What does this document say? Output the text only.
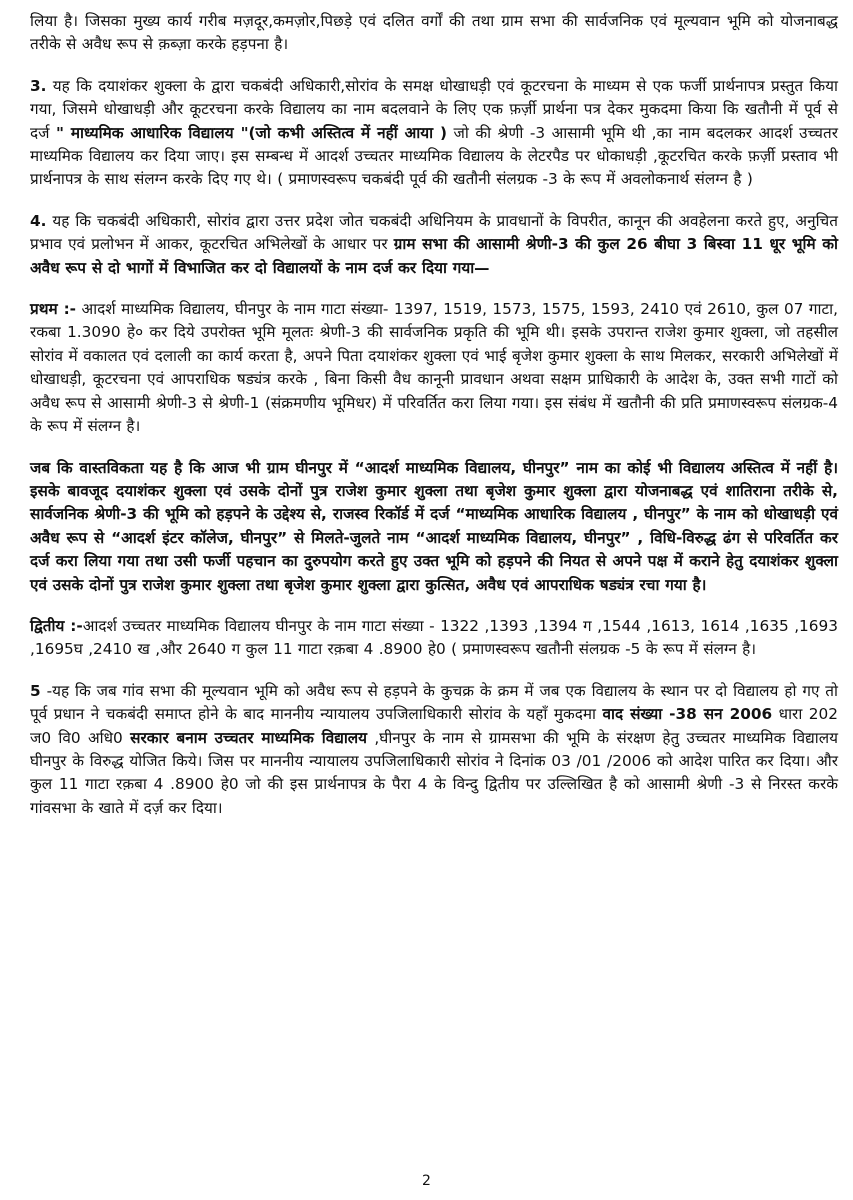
लिया है। जिसका मुख्य कार्य गरीब मज़दूर,कमज़ोर,पिछड़े एवं दलित वर्गों की तथा ग्राम सभा की सार्वजनिक एवं मूल्यवान भूमि को योजनाबद्ध तरीके से अवैध रूप से क़ब्ज़ा करके हड़पना है।

3. यह कि दयाशंकर शुक्ला के द्वारा चकबंदी अधिकारी,सोरांव के समक्ष धोखाधड़ी एवं कूटरचना के माध्यम से एक फर्जी प्रार्थनापत्र प्रस्तुत किया गया, जिसमे धोखाधड़ी और कूटरचना करके विद्यालय का नाम बदलवाने के लिए एक फ़र्ज़ी प्रार्थना पत्र देकर मुकदमा किया कि खतौनी में पूर्व से दर्ज " माध्यमिक आधारिक विद्यालय "(जो कभी अस्तित्व में नहीं आया ) जो की श्रेणी -3 आसामी भूमि थी ,का नाम बदलकर आदर्श उच्चतर माध्यमिक विद्यालय कर दिया जाए। इस सम्बन्ध में आदर्श उच्चतर माध्यमिक विद्यालय के लेटरपैड पर धोकाधड़ी ,कूटरचित करके फ़र्ज़ी प्रस्ताव भी प्रार्थनापत्र के साथ संलग्न करके दिए गए थे। ( प्रमाणस्वरूप चकबंदी पूर्व की खतौनी संलग्रक -3 के रूप में अवलोकनार्थ संलग्न है )

4. यह कि चकबंदी अधिकारी, सोरांव द्वारा उत्तर प्रदेश जोत चकबंदी अधिनियम के प्रावधानों के विपरीत, कानून की अवहेलना करते हुए, अनुचित प्रभाव एवं प्रलोभन में आकर, कूटरचित अभिलेखों के आधार पर ग्राम सभा की आसामी श्रेणी-3 की कुल 26 बीघा 3 बिस्वा 11 धूर भूमि को अवैध रूप से दो भागों में विभाजित कर दो विद्यालयों के नाम दर्ज कर दिया गया—

प्रथम :- आदर्श माध्यमिक विद्यालय, घीनपुर के नाम गाटा संख्या- 1397, 1519, 1573, 1575, 1593, 2410 एवं 2610, कुल 07 गाटा, रकबा 1.3090 हे० कर दिये उपरोक्त भूमि मूलतः श्रेणी-3 की सार्वजनिक प्रकृति की भूमि थी। इसके उपरान्त राजेश कुमार शुक्ला, जो तहसील सोरांव में वकालत एवं दलाली का कार्य करता है, अपने पिता दयाशंकर शुक्ला एवं भाई बृजेश कुमार शुक्ला के साथ मिलकर, सरकारी अभिलेखों में धोखाधड़ी, कूटरचना एवं आपराधिक षड्यंत्र करके , बिना किसी वैध कानूनी प्रावधान अथवा सक्षम प्राधिकारी के आदेश के, उक्त सभी गाटों को अवैध रूप से आसामी श्रेणी-3 से श्रेणी-1 (संक्रमणीय भूमिधर) में परिवर्तित करा लिया गया। इस संबंध में खतौनी की प्रति प्रमाणस्वरूप संलग्रक-4 के रूप में संलग्न है।

जब कि वास्तविकता यह है कि आज भी ग्राम घीनपुर में “आदर्श माध्यमिक विद्यालय, घीनपुर” नाम का कोई भी विद्यालय अस्तित्व में नहीं है। इसके बावजूद दयाशंकर शुक्ला एवं उसके दोनों पुत्र राजेश कुमार शुक्ला तथा बृजेश कुमार शुक्ला द्वारा योजनाबद्ध एवं शातिराना तरीके से, सार्वजनिक श्रेणी-3 की भूमि को हड़पने के उद्देश्य से, राजस्व रिकॉर्ड में दर्ज “माध्यमिक आधारिक विद्यालय , घीनपुर” के नाम को धोखाधड़ी एवं अवैध रूप से “आदर्श इंटर कॉलेज, घीनपुर” से मिलते-जुलते नाम “आदर्श माध्यमिक विद्यालय, घीनपुर” , विधि-विरुद्ध ढंग से परिवर्तित कर दर्ज करा लिया गया तथा उसी फर्जी पहचान का दुरुपयोग करते हुए उक्त भूमि को हड़पने की नियत से अपने पक्ष में कराने हेतु दयाशंकर शुक्ला एवं उसके दोनों पुत्र राजेश कुमार शुक्ला तथा बृजेश कुमार शुक्ला द्वारा कुत्सित, अवैध एवं आपराधिक षड्यंत्र रचा गया है।

द्वितीय :-आदर्श उच्चतर माध्यमिक विद्यालय घीनपुर के नाम गाटा संख्या - 1322 ,1393 ,1394 ग ,1544 ,1613, 1614 ,1635 ,1693 ,1695घ ,2410 ख ,और 2640 ग कुल 11 गाटा रक़बा 4 .8900 हे0 ( प्रमाणस्वरूप खतौनी संलग्रक -5 के रूप में संलग्न है।

5 -यह कि जब गांव सभा की मूल्यवान भूमि को अवैध रूप से हड़पने के कुचक्र के क्रम में जब एक विद्यालय के स्थान पर दो विद्यालय हो गए तो पूर्व प्रधान ने चकबंदी समाप्त होने के बाद माननीय न्यायालय उपजिलाधिकारी सोरांव के यहाँ मुकदमा वाद संख्या -38 सन 2006 धारा 202 ज0 वि0 अधि0 सरकार बनाम उच्चतर माध्यमिक विद्यालय ,घीनपुर के नाम से ग्रामसभा की भूमि के संरक्षण हेतु उच्चतर माध्यमिक विद्यालय घीनपुर के विरुद्ध योजित किये। जिस पर माननीय न्यायालय उपजिलाधिकारी सोरांव ने दिनांक 03 /01 /2006 को आदेश पारित कर दिया। और कुल 11 गाटा रक़बा 4 .8900 हे0 जो की इस प्रार्थनापत्र के पैरा 4 के विन्दु द्वितीय पर उल्लिखित है को आसामी श्रेणी -3 से निरस्त करके गांवसभा के खाते में दर्ज़ कर दिया।

2
